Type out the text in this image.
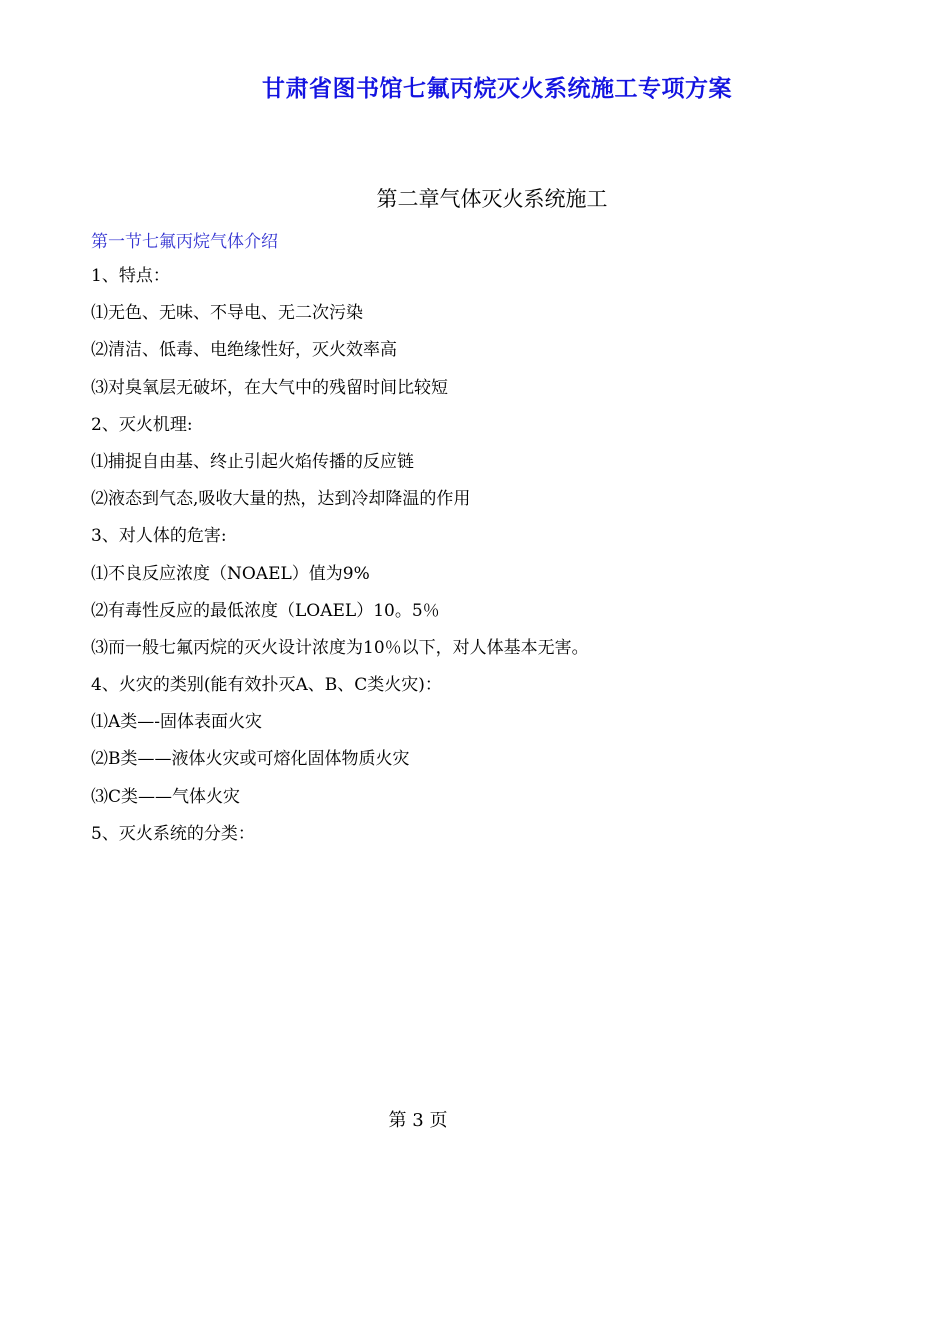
甘肃省图书馆七氟丙烷灭火系统施工专项方案
第二章气体灭火系统施工
第一节七氟丙烷气体介绍
1、特点：
⑴无色、无味、不导电、无二次污染
⑵清洁、低毒、电绝缘性好，灭火效率高
⑶对臭氧层无破坏，在大气中的残留时间比较短
2、灭火机理:
⑴捕捉自由基、终止引起火焰传播的反应链
⑵液态到气态,吸收大量的热，达到冷却降温的作用
3、对人体的危害:
⑴不良反应浓度（NOAEL）值为9%
⑵有毒性反应的最低浓度（LOAEL）10。5％
⑶而一般七氟丙烷的灭火设计浓度为10％以下，对人体基本无害。
4、火灾的类别(能有效扑灭A、B、C类火灾)：
⑴A类—-固体表面火灾
⑵B类——液体火灾或可熔化固体物质火灾
⑶C类——气体火灾
5、灭火系统的分类：
第 3 页
